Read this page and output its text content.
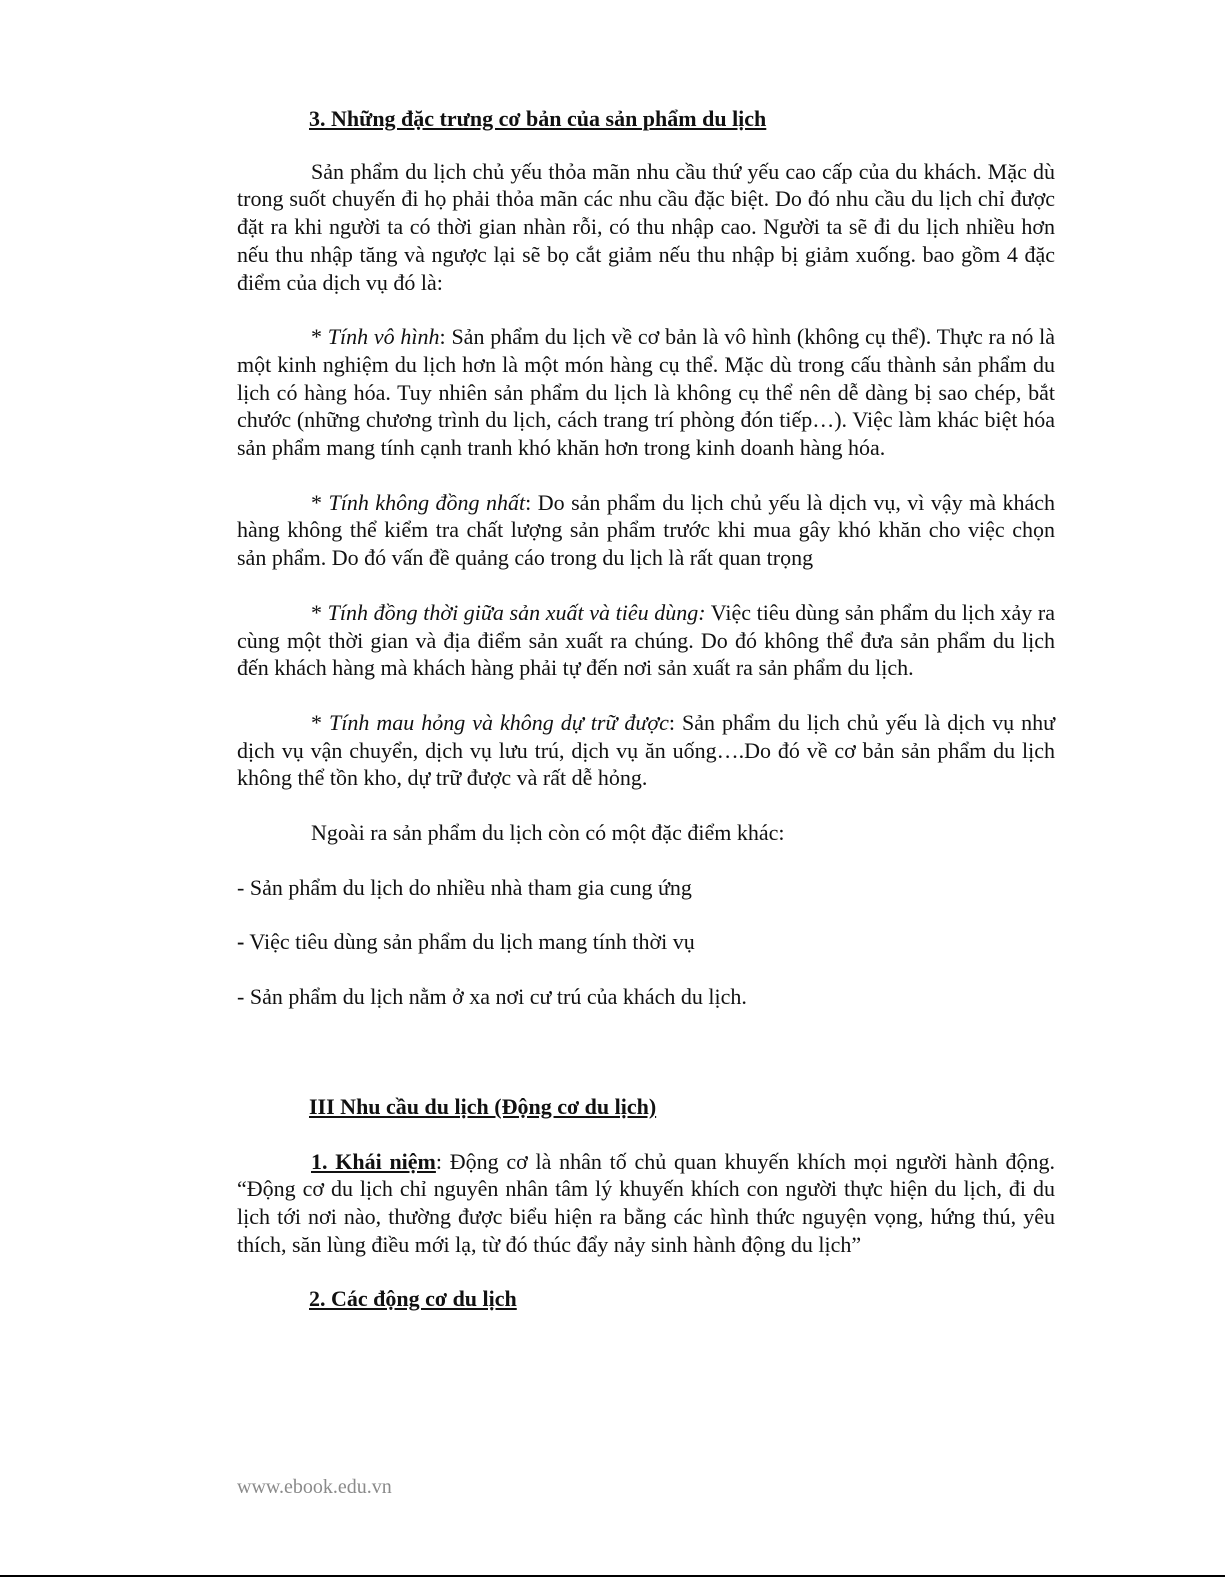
3. Những đặc trưng cơ bản của sản phẩm du lịch

Sản phẩm du lịch chủ yếu thỏa mãn nhu cầu thứ yếu cao cấp của du khách. Mặc dù trong suốt chuyến đi họ phải thỏa mãn các nhu cầu đặc biệt. Do đó nhu cầu du lịch chỉ được đặt ra khi người ta có thời gian nhàn rỗi, có thu nhập cao. Người ta sẽ đi du lịch nhiều hơn nếu thu nhập tăng và ngược lại sẽ bọ cắt giảm nếu thu nhập bị giảm xuống. bao gồm 4 đặc điểm của dịch vụ đó là:

* Tính vô hình: Sản phẩm du lịch về cơ bản là vô hình (không cụ thể). Thực ra nó là một kinh nghiệm du lịch hơn là một món hàng cụ thể. Mặc dù trong cấu thành sản phẩm du lịch có hàng hóa. Tuy nhiên sản phẩm du lịch là không cụ thể nên dễ dàng bị sao chép, bắt chước (những chương trình du lịch, cách trang trí phòng đón tiếp…). Việc làm khác biệt hóa sản phẩm mang tính cạnh tranh khó khăn hơn trong kinh doanh hàng hóa.

* Tính không đồng nhất: Do sản phẩm du lịch chủ yếu là dịch vụ, vì vậy mà khách hàng không thể kiểm tra chất lượng sản phẩm trước khi mua gây khó khăn cho việc chọn sản phẩm. Do đó vấn đề quảng cáo trong du lịch là rất quan trọng

* Tính đồng thời giữa sản xuất và tiêu dùng: Việc tiêu dùng sản phẩm du lịch xảy ra cùng một thời gian và địa điểm sản xuất ra chúng. Do đó không thể đưa sản phẩm du lịch đến khách hàng mà khách hàng phải tự đến nơi sản xuất ra sản phẩm du lịch.

* Tính mau hỏng và không dự trữ được: Sản phẩm du lịch chủ yếu là dịch vụ như dịch vụ vận chuyển, dịch vụ lưu trú, dịch vụ ăn uống….Do đó về cơ bản sản phẩm du lịch không thể tồn kho, dự trữ được và rất dễ hỏng.

Ngoài ra sản phẩm du lịch còn có một đặc điểm khác:

- Sản phẩm du lịch do nhiều nhà tham gia cung ứng

- Việc tiêu dùng sản phẩm du lịch mang tính thời vụ

- Sản phẩm du lịch nằm ở xa nơi cư trú của khách du lịch.

III Nhu cầu du lịch (Động cơ du lịch)

1. Khái niệm: Động cơ là nhân tố chủ quan khuyến khích mọi người hành động. “Động cơ du lịch chỉ nguyên nhân tâm lý khuyến khích con người thực hiện du lịch, đi du lịch tới nơi nào, thường được biểu hiện ra bằng các hình thức nguyện vọng, hứng thú, yêu thích, săn lùng điều mới lạ, từ đó thúc đẩy nảy sinh hành động du lịch”

2. Các động cơ du lịch
www.ebook.edu.vn
